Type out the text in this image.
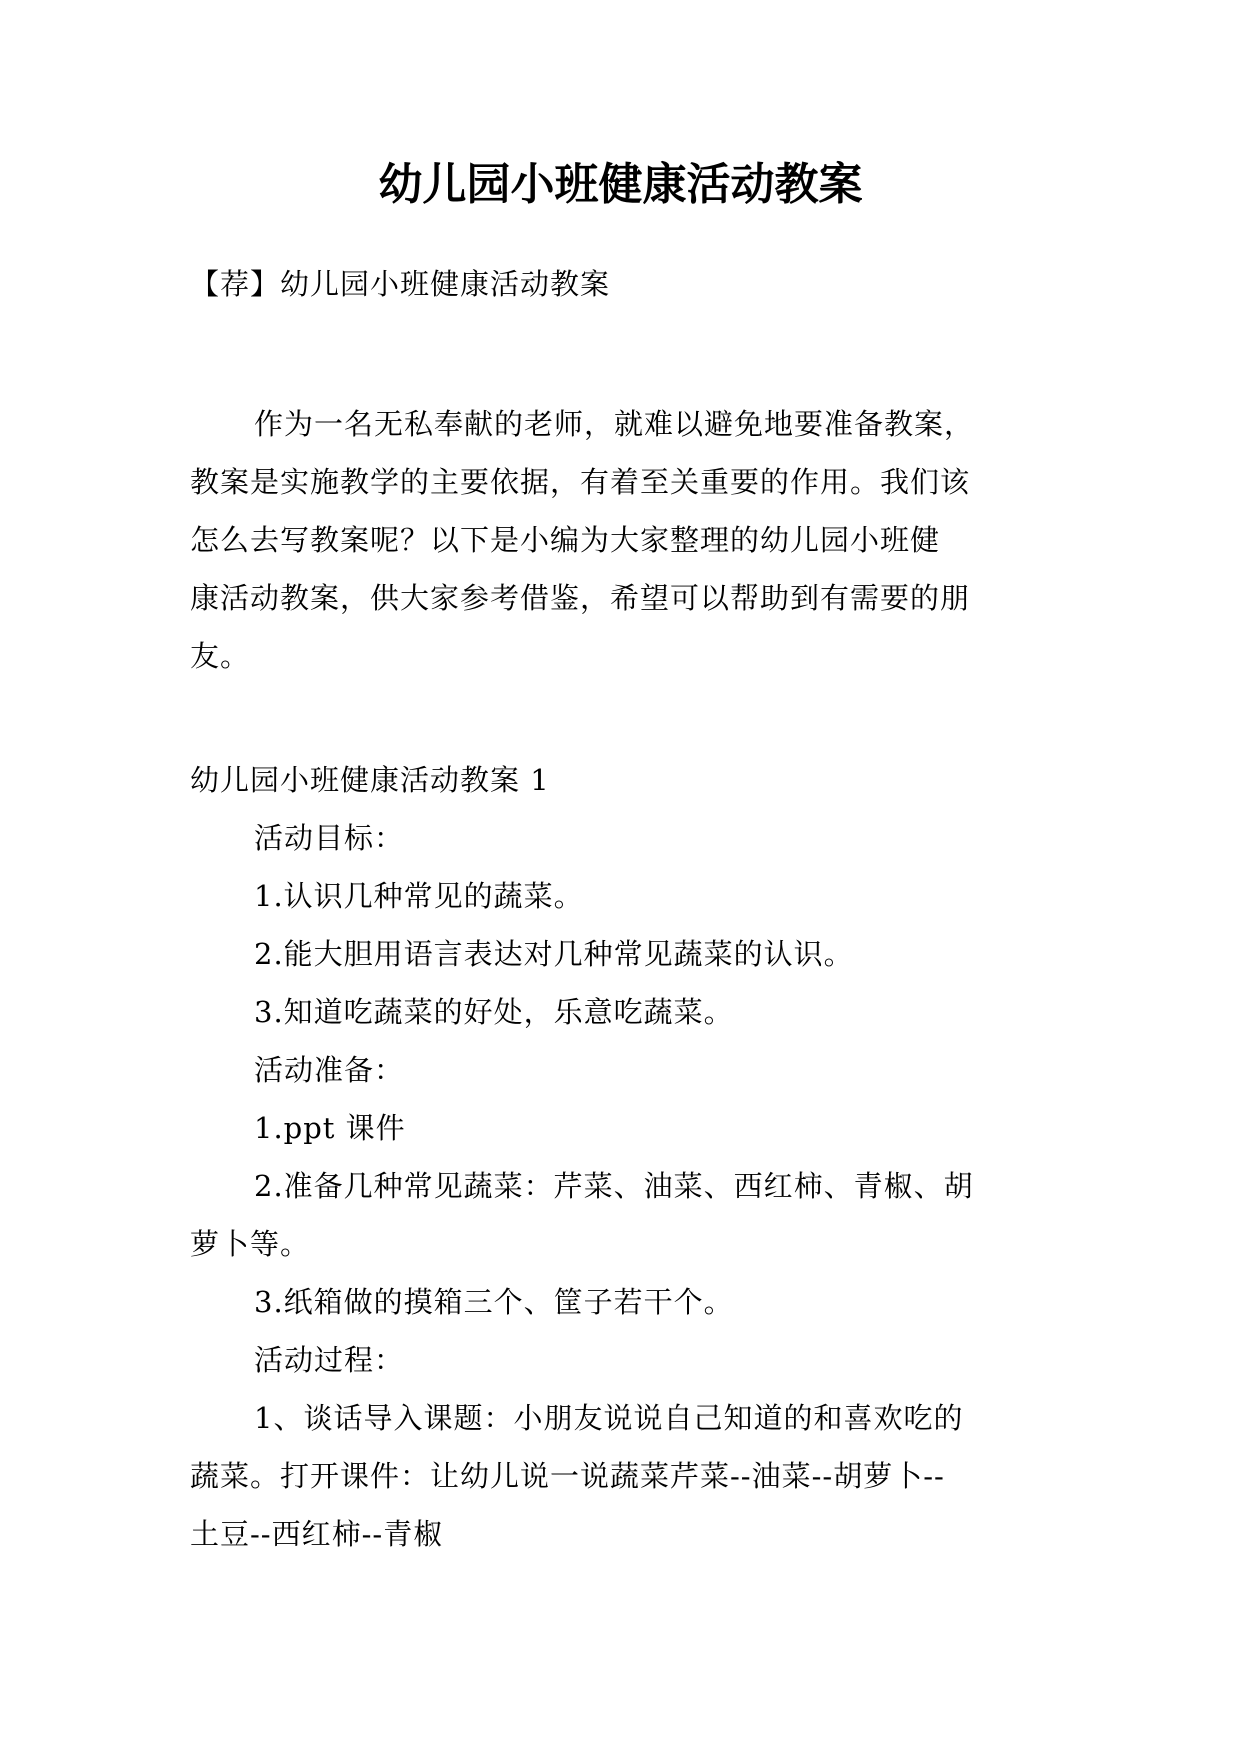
幼儿园小班健康活动教案
【荐】幼儿园小班健康活动教案
作为一名无私奉献的老师，就难以避免地要准备教案，
教案是实施教学的主要依据，有着至关重要的作用。我们该
怎么去写教案呢？以下是小编为大家整理的幼儿园小班健
康活动教案，供大家参考借鉴，希望可以帮助到有需要的朋
友。
幼儿园小班健康活动教案 1
活动目标：
1.认识几种常见的蔬菜。
2.能大胆用语言表达对几种常见蔬菜的认识。
3.知道吃蔬菜的好处，乐意吃蔬菜。
活动准备：
1.ppt 课件
2.准备几种常见蔬菜：芹菜、油菜、西红柿、青椒、胡
萝卜等。
3.纸箱做的摸箱三个、筐子若干个。
活动过程：
1、谈话导入课题：小朋友说说自己知道的和喜欢吃的
蔬菜。打开课件：让幼儿说一说蔬菜芹菜--油菜--胡萝卜--
土豆--西红柿--青椒
